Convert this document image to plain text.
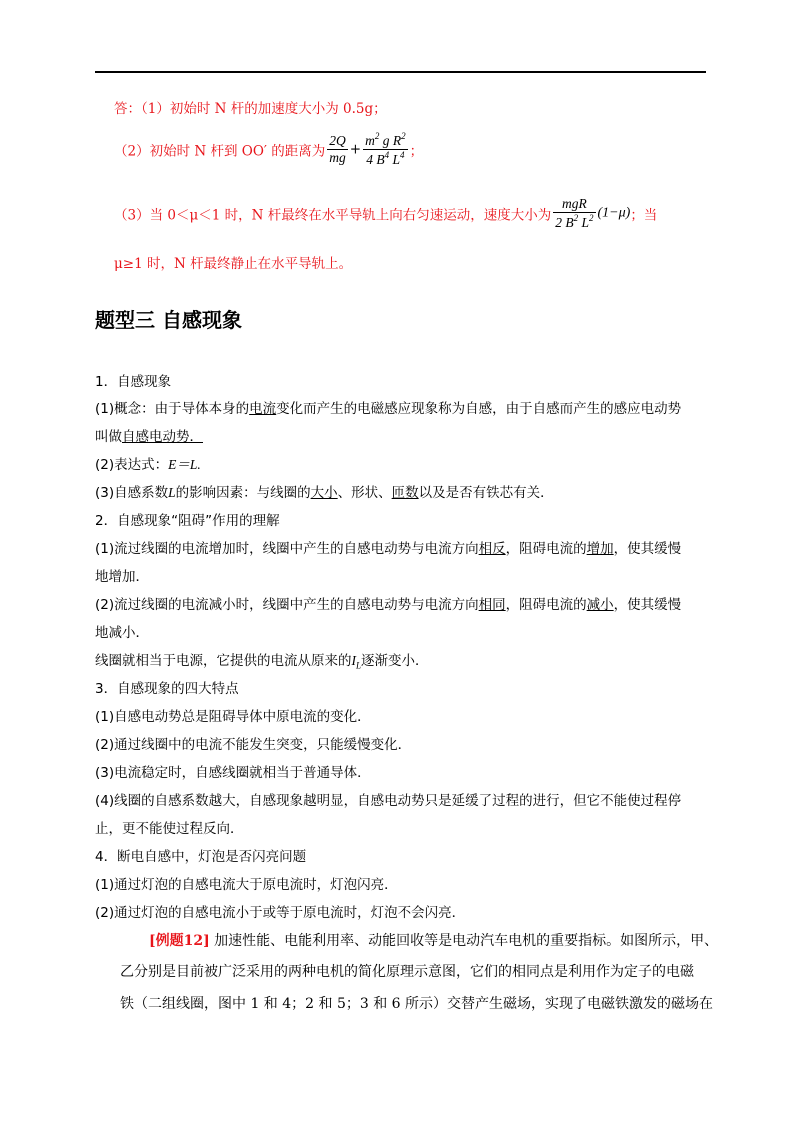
答：（1）初始时 N 杆的加速度大小为 0.5g；
（2）初始时 N 杆到 OO′ 的距离为 $\frac{2Q}{mg} + \frac{m^2 g R^2}{4 B^4 L^4}$ ；
（3）当 0＜μ＜1 时，N 杆最终在水平导轨上向右匀速运动，速度大小为 $\frac{\text{mgR}}{2 B^2 L^2} (1-\mu)$；当
μ≥1 时，N 杆最终静止在水平导轨上。
题型三 自感现象
1．自感现象
(1)概念：由于导体本身的电流变化而产生的电磁感应现象称为自感，由于自感而产生的感应电动势
叫做自感电动势．
(2)表达式：E＝L.
(3)自感系数L的影响因素：与线圈的大小、形状、匝数以及是否有铁芯有关．
2．自感现象“阻碍”作用的理解
(1)流过线圈的电流增加时，线圈中产生的自感电动势与电流方向相反，阻碍电流的增加，使其缓慢
地增加．
(2)流过线圈的电流减小时，线圈中产生的自感电动势与电流方向相同，阻碍电流的减小，使其缓慢
地减小．
线圈就相当于电源，它提供的电流从原来的$I_L$逐渐变小．
3．自感现象的四大特点
(1)自感电动势总是阻碍导体中原电流的变化．
(2)通过线圈中的电流不能发生突变，只能缓慢变化．
(3)电流稳定时，自感线圈就相当于普通导体．
(4)线圈的自感系数越大，自感现象越明显，自感电动势只是延缓了过程的进行，但它不能使过程停
止，更不能使过程反向．
4．断电自感中，灯泡是否闪亮问题
(1)通过灯泡的自感电流大于原电流时，灯泡闪亮．
(2)通过灯泡的自感电流小于或等于原电流时，灯泡不会闪亮．
[例题12] 加速性能、电能利用率、动能回收等是电动汽车电机的重要指标。如图所示，甲、
乙分别是目前被广泛采用的两种电机的简化原理示意图，它们的相同点是利用作为定子的电磁
铁（二组线圈，图中 1 和 4；2 和 5；3 和 6 所示）交替产生磁场，实现了电磁铁激发的磁场在
